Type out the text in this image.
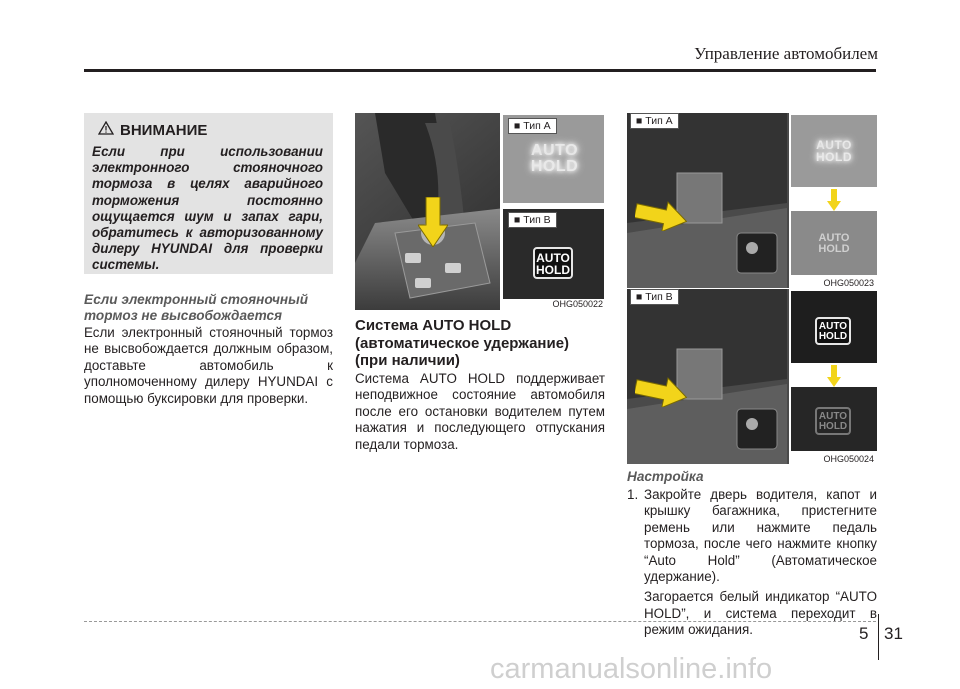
Управление автомобилем
ВНИМАНИЕ
Если при использовании
электронного стояночного
тормоза в целях аварийного
торможения постоянно
ощущается шум и запах гари,
обратитесь к авторизованному
дилеру HYUNDAI для проверки
системы.
Если электронный стояночный
тормоз не высвобождается
Если электронный стояночный тормоз не высвобождается должным образом, доставьте автомобиль к уполномоченному дилеру HYUNDAI с помощью буксировки для проверки.
AUTO
HOLD
■ Тип A
AUTO
HOLD
■ Тип B
OHG050022
Система AUTO HOLD
(автоматическое удержание)
(при наличии)
Система AUTO HOLD поддерживает неподвижное состояние автомобиля после его остановки водителем путем нажатия и последующего отпускания педали тормоза.
AUTO
HOLD
AUTO
HOLD
■ Тип A
OHG050023
AUTO
HOLD
AUTO
HOLD
■ Тип B
OHG050024
Настройка
1. Закройте дверь водителя, капот и крышку багажника, пристегните ремень или нажмите педаль тормоза, после чего нажмите кнопку “Auto Hold” (Автоматическое удержание).
Загорается белый индикатор “AUTO HOLD”, и система переходит в режим ожидания.	5 31
carmanualsonline.info
